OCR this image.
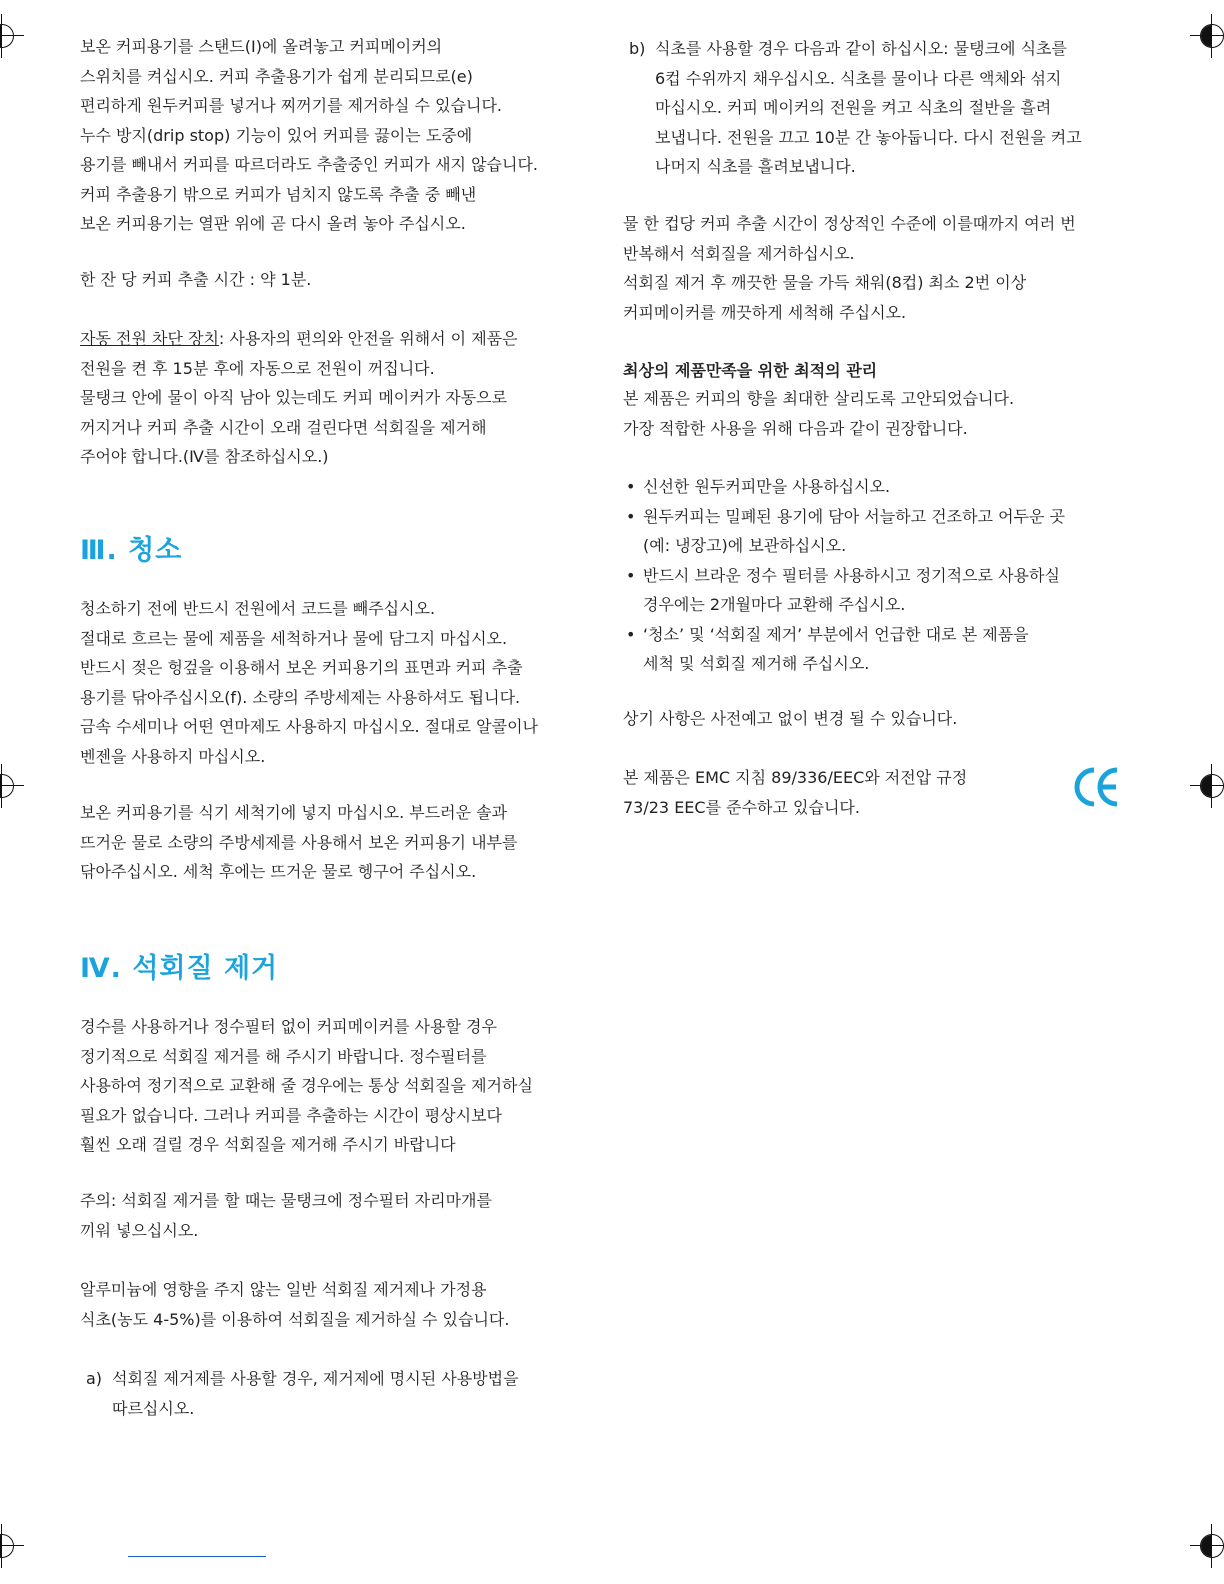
보온 커피용기를 스탠드(I)에 올려놓고 커피메이커의
스위치를 켜십시오. 커피 추출용기가 쉽게 분리되므로(e)
편리하게 원두커피를 넣거나 찌꺼기를 제거하실 수 있습니다.
누수 방지(drip stop) 기능이 있어 커피를 끓이는 도중에
용기를 빼내서 커피를 따르더라도 추출중인 커피가 새지 않습니다.
커피 추출용기 밖으로 커피가 넘치지 않도록 추출 중 빼낸
보온 커피용기는 열판 위에 곧 다시 올려 놓아 주십시오.
한 잔 당 커피 추출 시간 : 약 1분.
자동 전원 차단 장치: 사용자의 편의와 안전을 위해서 이 제품은
전원을 켠 후 15분 후에 자동으로 전원이 꺼집니다.
물탱크 안에 물이 아직 남아 있는데도 커피 메이커가 자동으로
꺼지거나 커피 추출 시간이 오래 걸린다면 석회질을 제거해
주어야 합니다.(Ⅳ를 참조하십시오.)
Ⅲ. 청소
청소하기 전에 반드시 전원에서 코드를 빼주십시오.
절대로 흐르는 물에 제품을 세척하거나 물에 담그지 마십시오.
반드시 젖은 헝겊을 이용해서 보온 커피용기의 표면과 커피 추출
용기를 닦아주십시오(f). 소량의 주방세제는 사용하셔도 됩니다.
금속 수세미나 어떤 연마제도 사용하지 마십시오. 절대로 알콜이나
벤젠을 사용하지 마십시오.
보온 커피용기를 식기 세척기에 넣지 마십시오. 부드러운 솔과
뜨거운 물로 소량의 주방세제를 사용해서 보온 커피용기 내부를
닦아주십시오. 세척 후에는 뜨거운 물로 헹구어 주십시오.
Ⅳ. 석회질 제거
경수를 사용하거나 정수필터 없이 커피메이커를 사용할 경우
정기적으로 석회질 제거를 해 주시기 바랍니다. 정수필터를
사용하여 정기적으로 교환해 줄 경우에는 통상 석회질을 제거하실
필요가 없습니다. 그러나 커피를 추출하는 시간이 평상시보다
훨씬 오래 걸릴 경우 석회질을 제거해 주시기 바랍니다
주의: 석회질 제거를 할 때는 물탱크에 정수필터 자리마개를
끼워 넣으십시오.
알루미늄에 영향을 주지 않는 일반 석회질 제거제나 가정용
식초(농도 4-5%)를 이용하여 석회질을 제거하실 수 있습니다.
a) 석회질 제거제를 사용할 경우, 제거제에 명시된 사용방법을
따르십시오.
b) 식초를 사용할 경우 다음과 같이 하십시오: 물탱크에 식초를
6컵 수위까지 채우십시오. 식초를 물이나 다른 액체와 섞지
마십시오. 커피 메이커의 전원을 켜고 식초의 절반을 흘려
보냅니다. 전원을 끄고 10분 간 놓아둡니다. 다시 전원을 켜고
나머지 식초를 흘려보냅니다.
물 한 컵당 커피 추출 시간이 정상적인 수준에 이를때까지 여러 번
반복해서 석회질을 제거하십시오.
석회질 제거 후 깨끗한 물을 가득 채워(8컵) 최소 2번 이상
커피메이커를 깨끗하게 세척해 주십시오.
최상의 제품만족을 위한 최적의 관리
본 제품은 커피의 향을 최대한 살리도록 고안되었습니다.
가장 적합한 사용을 위해 다음과 같이 권장합니다.
• 신선한 원두커피만을 사용하십시오.
• 원두커피는 밀폐된 용기에 담아 서늘하고 건조하고 어두운 곳
(예: 냉장고)에 보관하십시오.
• 반드시 브라운 정수 필터를 사용하시고 정기적으로 사용하실
경우에는 2개월마다 교환해 주십시오.
• ‘청소’ 및 ‘석회질 제거’ 부분에서 언급한 대로 본 제품을
세척 및 석회질 제거해 주십시오.
상기 사항은 사전예고 없이 변경 될 수 있습니다.
본 제품은 EMC 지침 89/336/EEC와 저전압 규정
73/23 EEC를 준수하고 있습니다.
